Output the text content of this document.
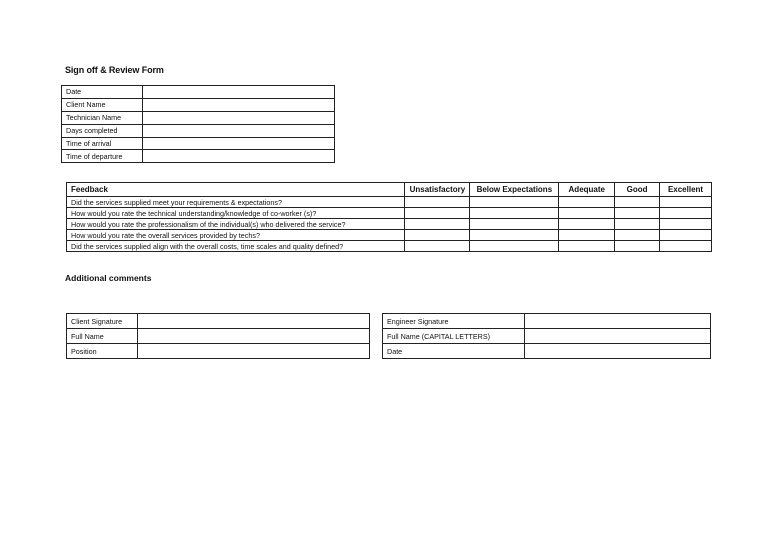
Sign off & Review Form
Date	
Client Name	
Technician Name	
Days completed	
Time of arrival	
Time of departure	
Feedback	Unsatisfactory	Below Expectations	Adequate	Good	Excellent
Did the services supplied meet your requirements & expectations?					
How would you rate the technical understanding/knowledge of co-worker (s)?					
How would you rate the professionalism of the individual(s) who delivered the service?					
How would you rate the overall services provided by techs?					
Did the services supplied align with the overall costs, time scales and quality defined?					
Additional comments
Client Signature	
Full Name	
Position	
Engineer Signature	
Full Name (CAPITAL LETTERS)	
Date	
